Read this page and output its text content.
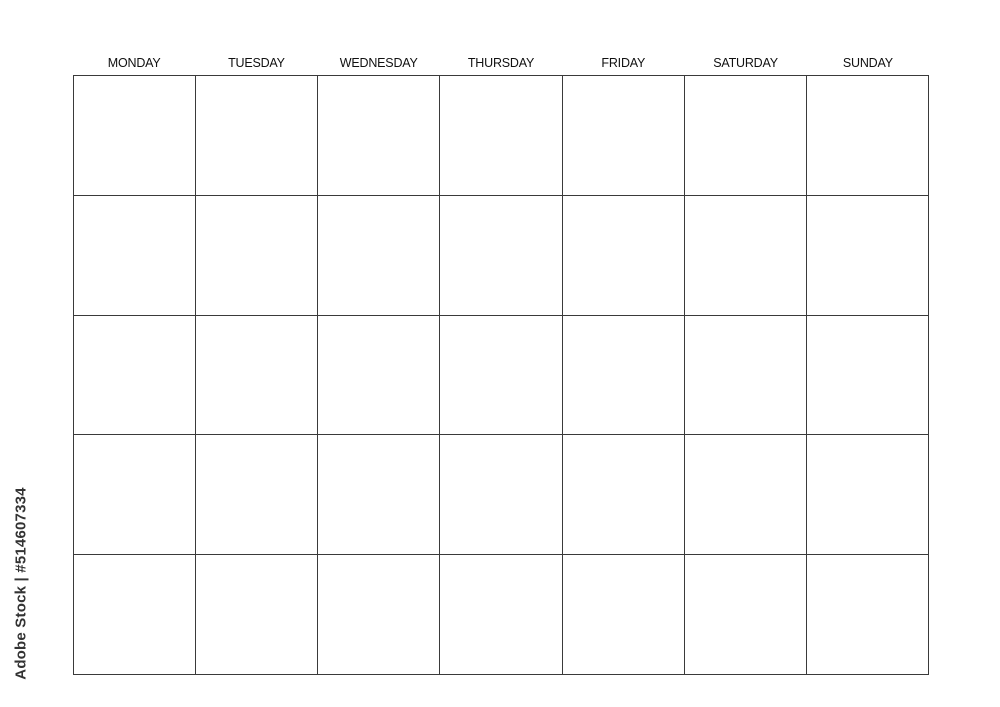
MONDAY	TUESDAY	WEDNESDAY	THURSDAY	FRIDAY	SATURDAY	SUNDAY
Adobe Stock | #514607334
